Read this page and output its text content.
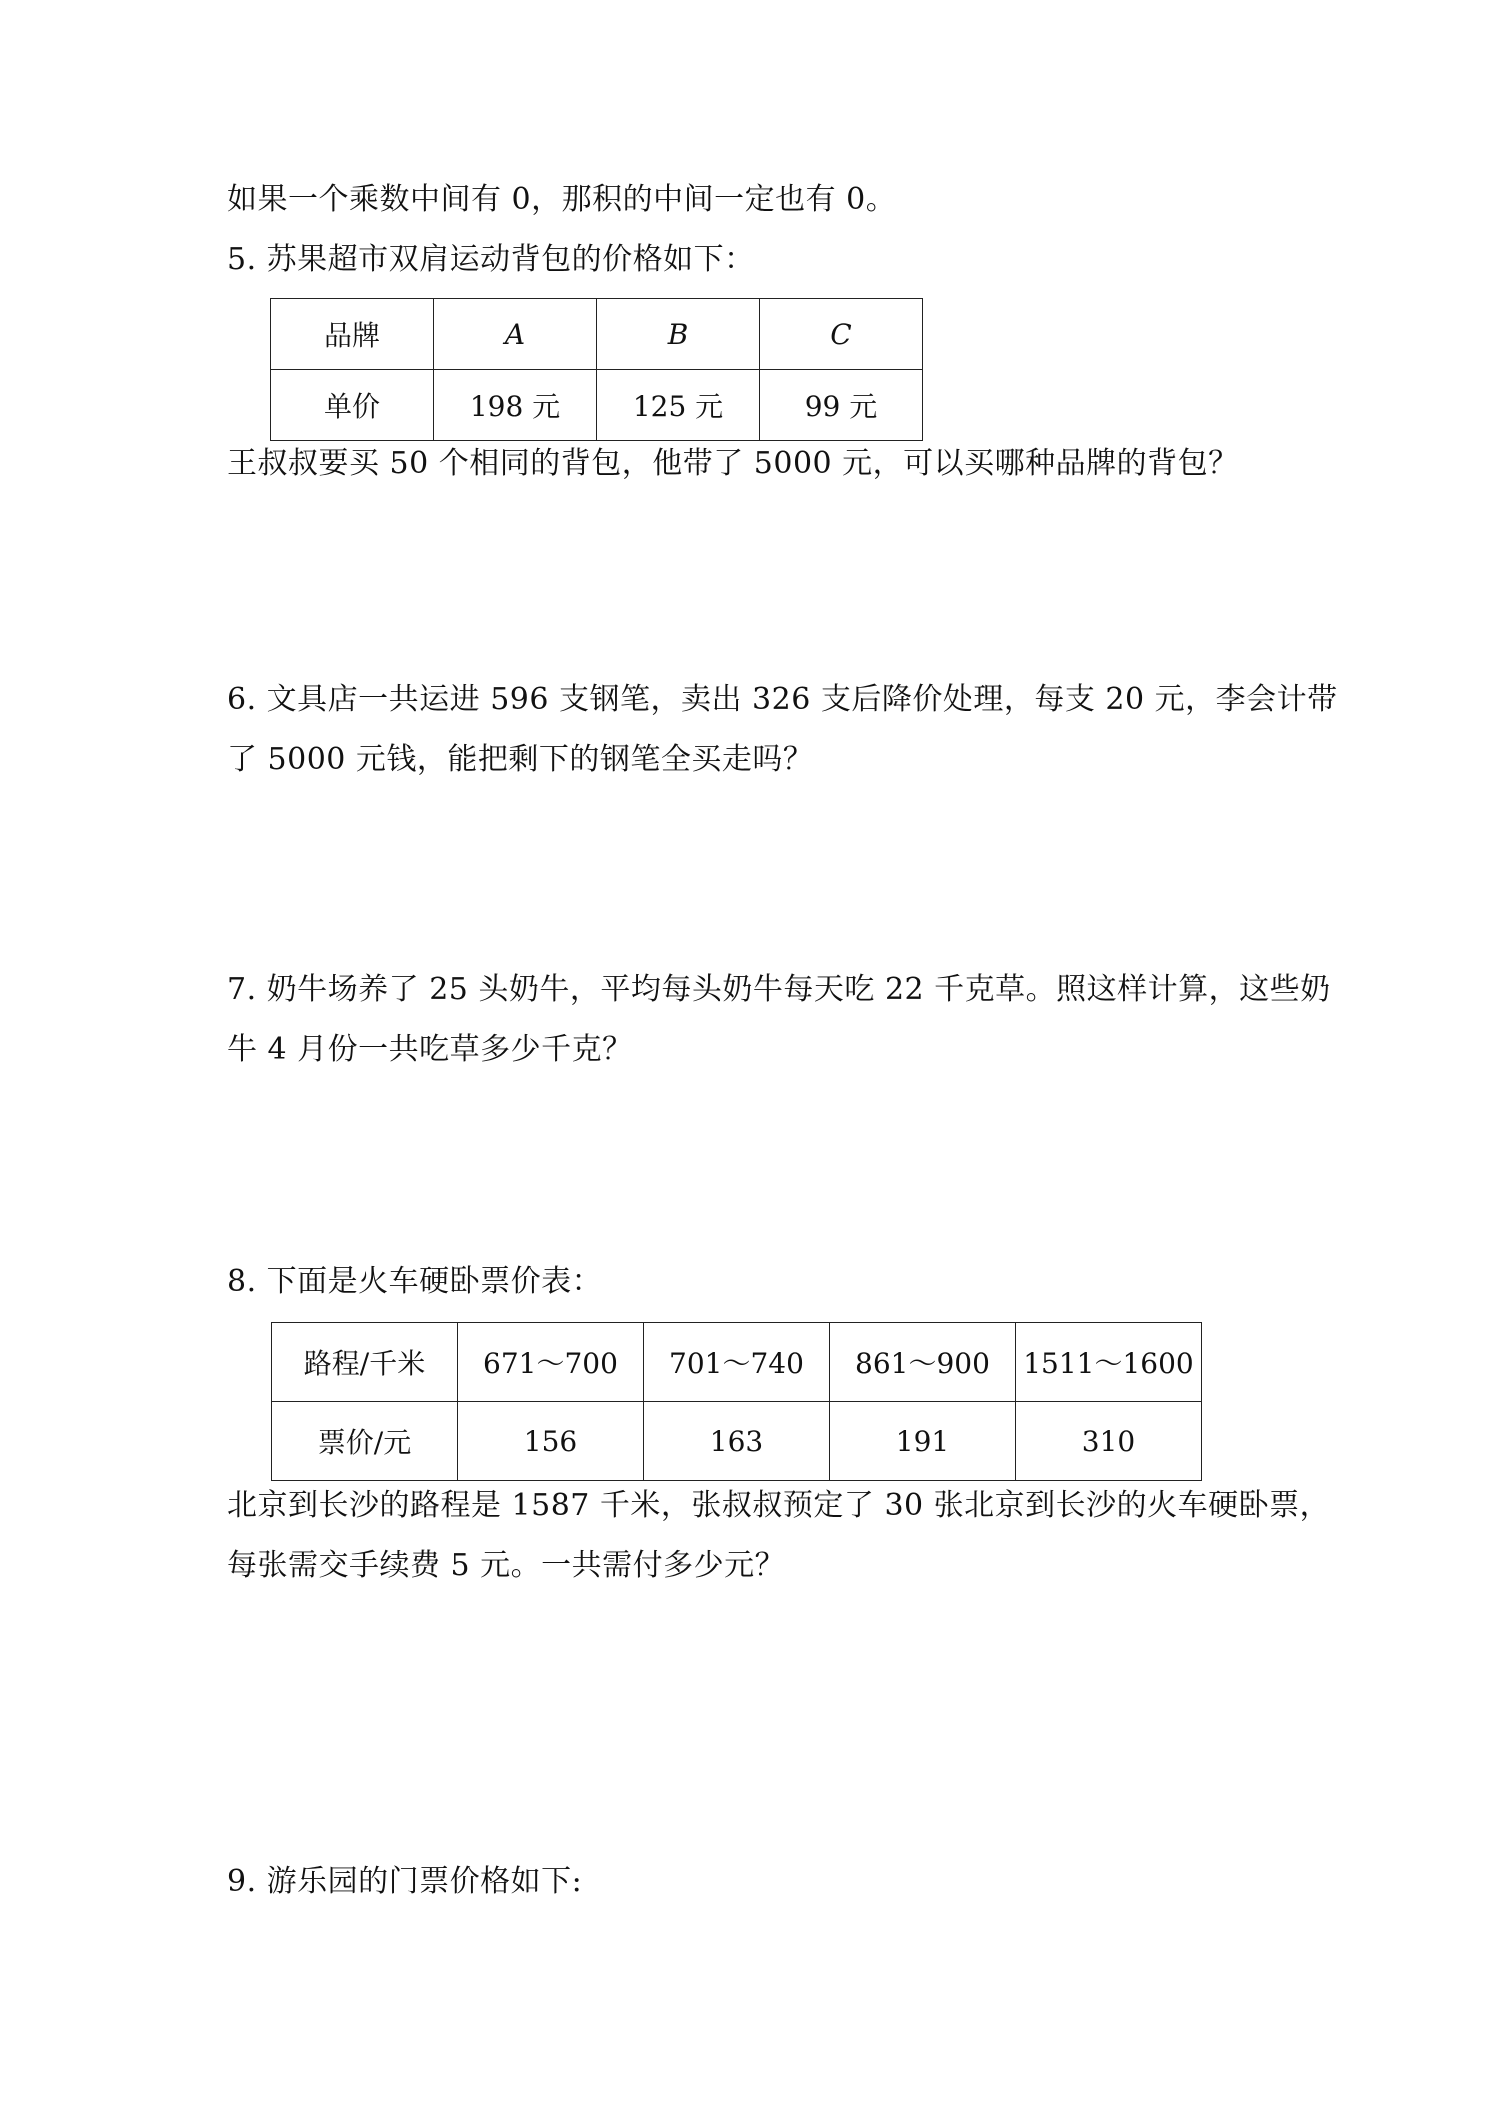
如果一个乘数中间有 0，那积的中间一定也有 0。
5. 苏果超市双肩运动背包的价格如下：
品牌	A	B	C
单价	198 元	125 元	99 元
王叔叔要买 50 个相同的背包，他带了 5000 元，可以买哪种品牌的背包？
6. 文具店一共运进 596 支钢笔，卖出 326 支后降价处理，每支 20 元，李会计带
了 5000 元钱，能把剩下的钢笔全买走吗？
7. 奶牛场养了 25 头奶牛，平均每头奶牛每天吃 22 千克草。照这样计算，这些奶
牛 4 月份一共吃草多少千克？
8. 下面是火车硬卧票价表：
路程/千米	671～700	701～740	861～900	1511～1600
票价/元	156	163	191	310
北京到长沙的路程是 1587 千米，张叔叔预定了 30 张北京到长沙的火车硬卧票，
每张需交手续费 5 元。一共需付多少元？
9. 游乐园的门票价格如下:
